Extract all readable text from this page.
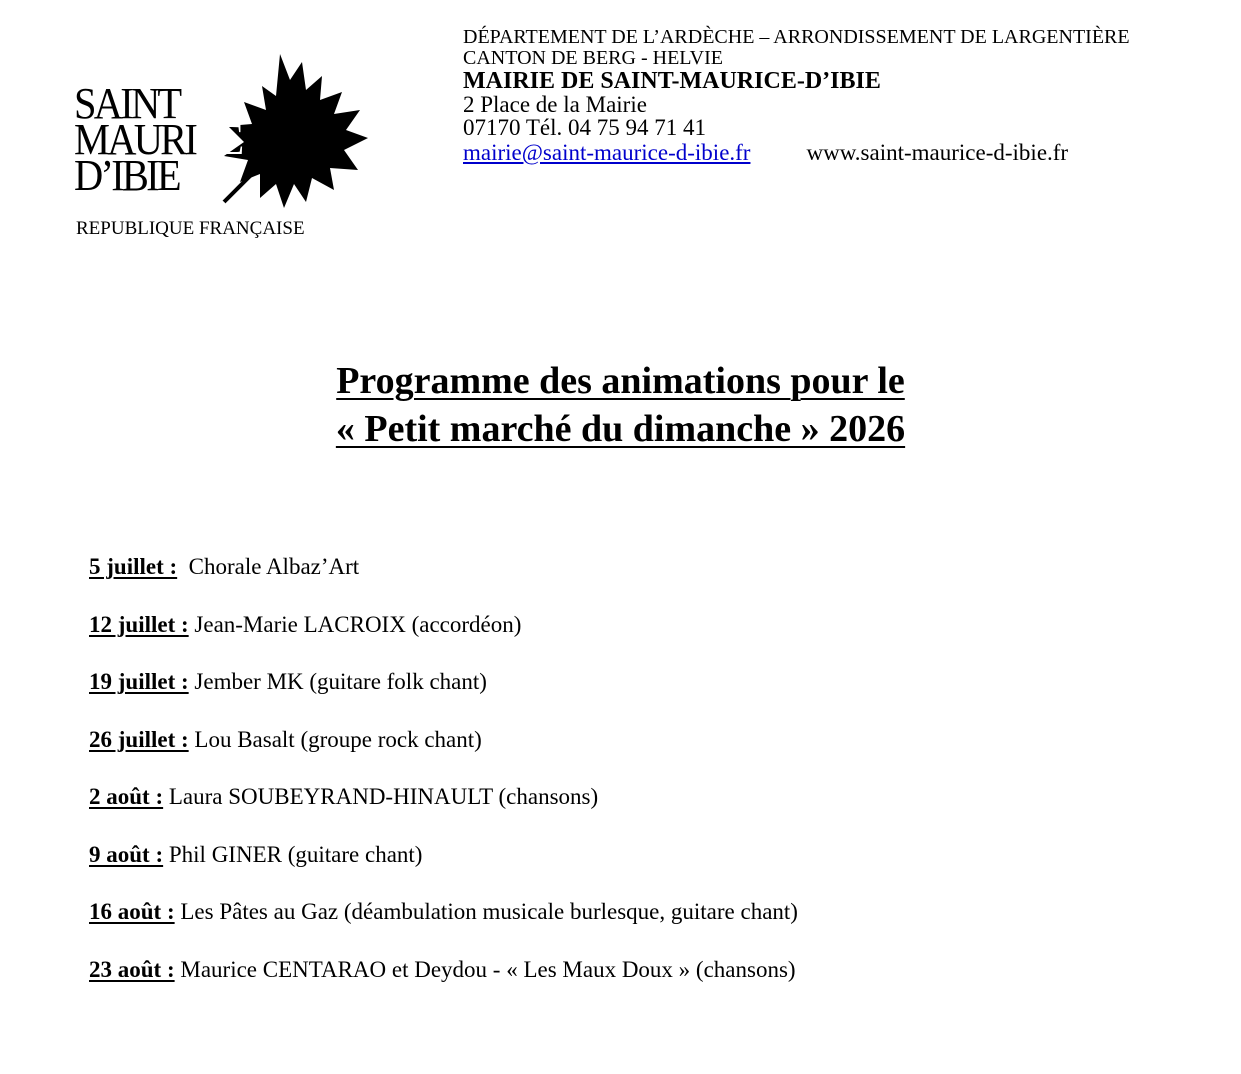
SAINT
MAURICE
D’IBIE
REPUBLIQUE FRANÇAISE
DÉPARTEMENT DE L’ARDÈCHE – ARRONDISSEMENT DE LARGENTIÈRE
CANTON DE BERG - HELVIE
MAIRIE DE SAINT-MAURICE-D’IBIE
2 Place de la Mairie
07170 Tél. 04 75 94 71 41
mairie@saint-maurice-d-ibie.fr www.saint-maurice-d-ibie.fr
Programme des animations pour le
« Petit marché du dimanche » 2026
5 juillet : Chorale Albaz’Art
12 juillet : Jean-Marie LACROIX (accordéon)
19 juillet : Jember MK (guitare folk chant)
26 juillet : Lou Basalt (groupe rock chant)
2 août : Laura SOUBEYRAND-HINAULT (chansons)
9 août : Phil GINER (guitare chant)
16 août : Les Pâtes au Gaz (déambulation musicale burlesque, guitare chant)
23 août : Maurice CENTARAO et Deydou - « Les Maux Doux » (chansons)
